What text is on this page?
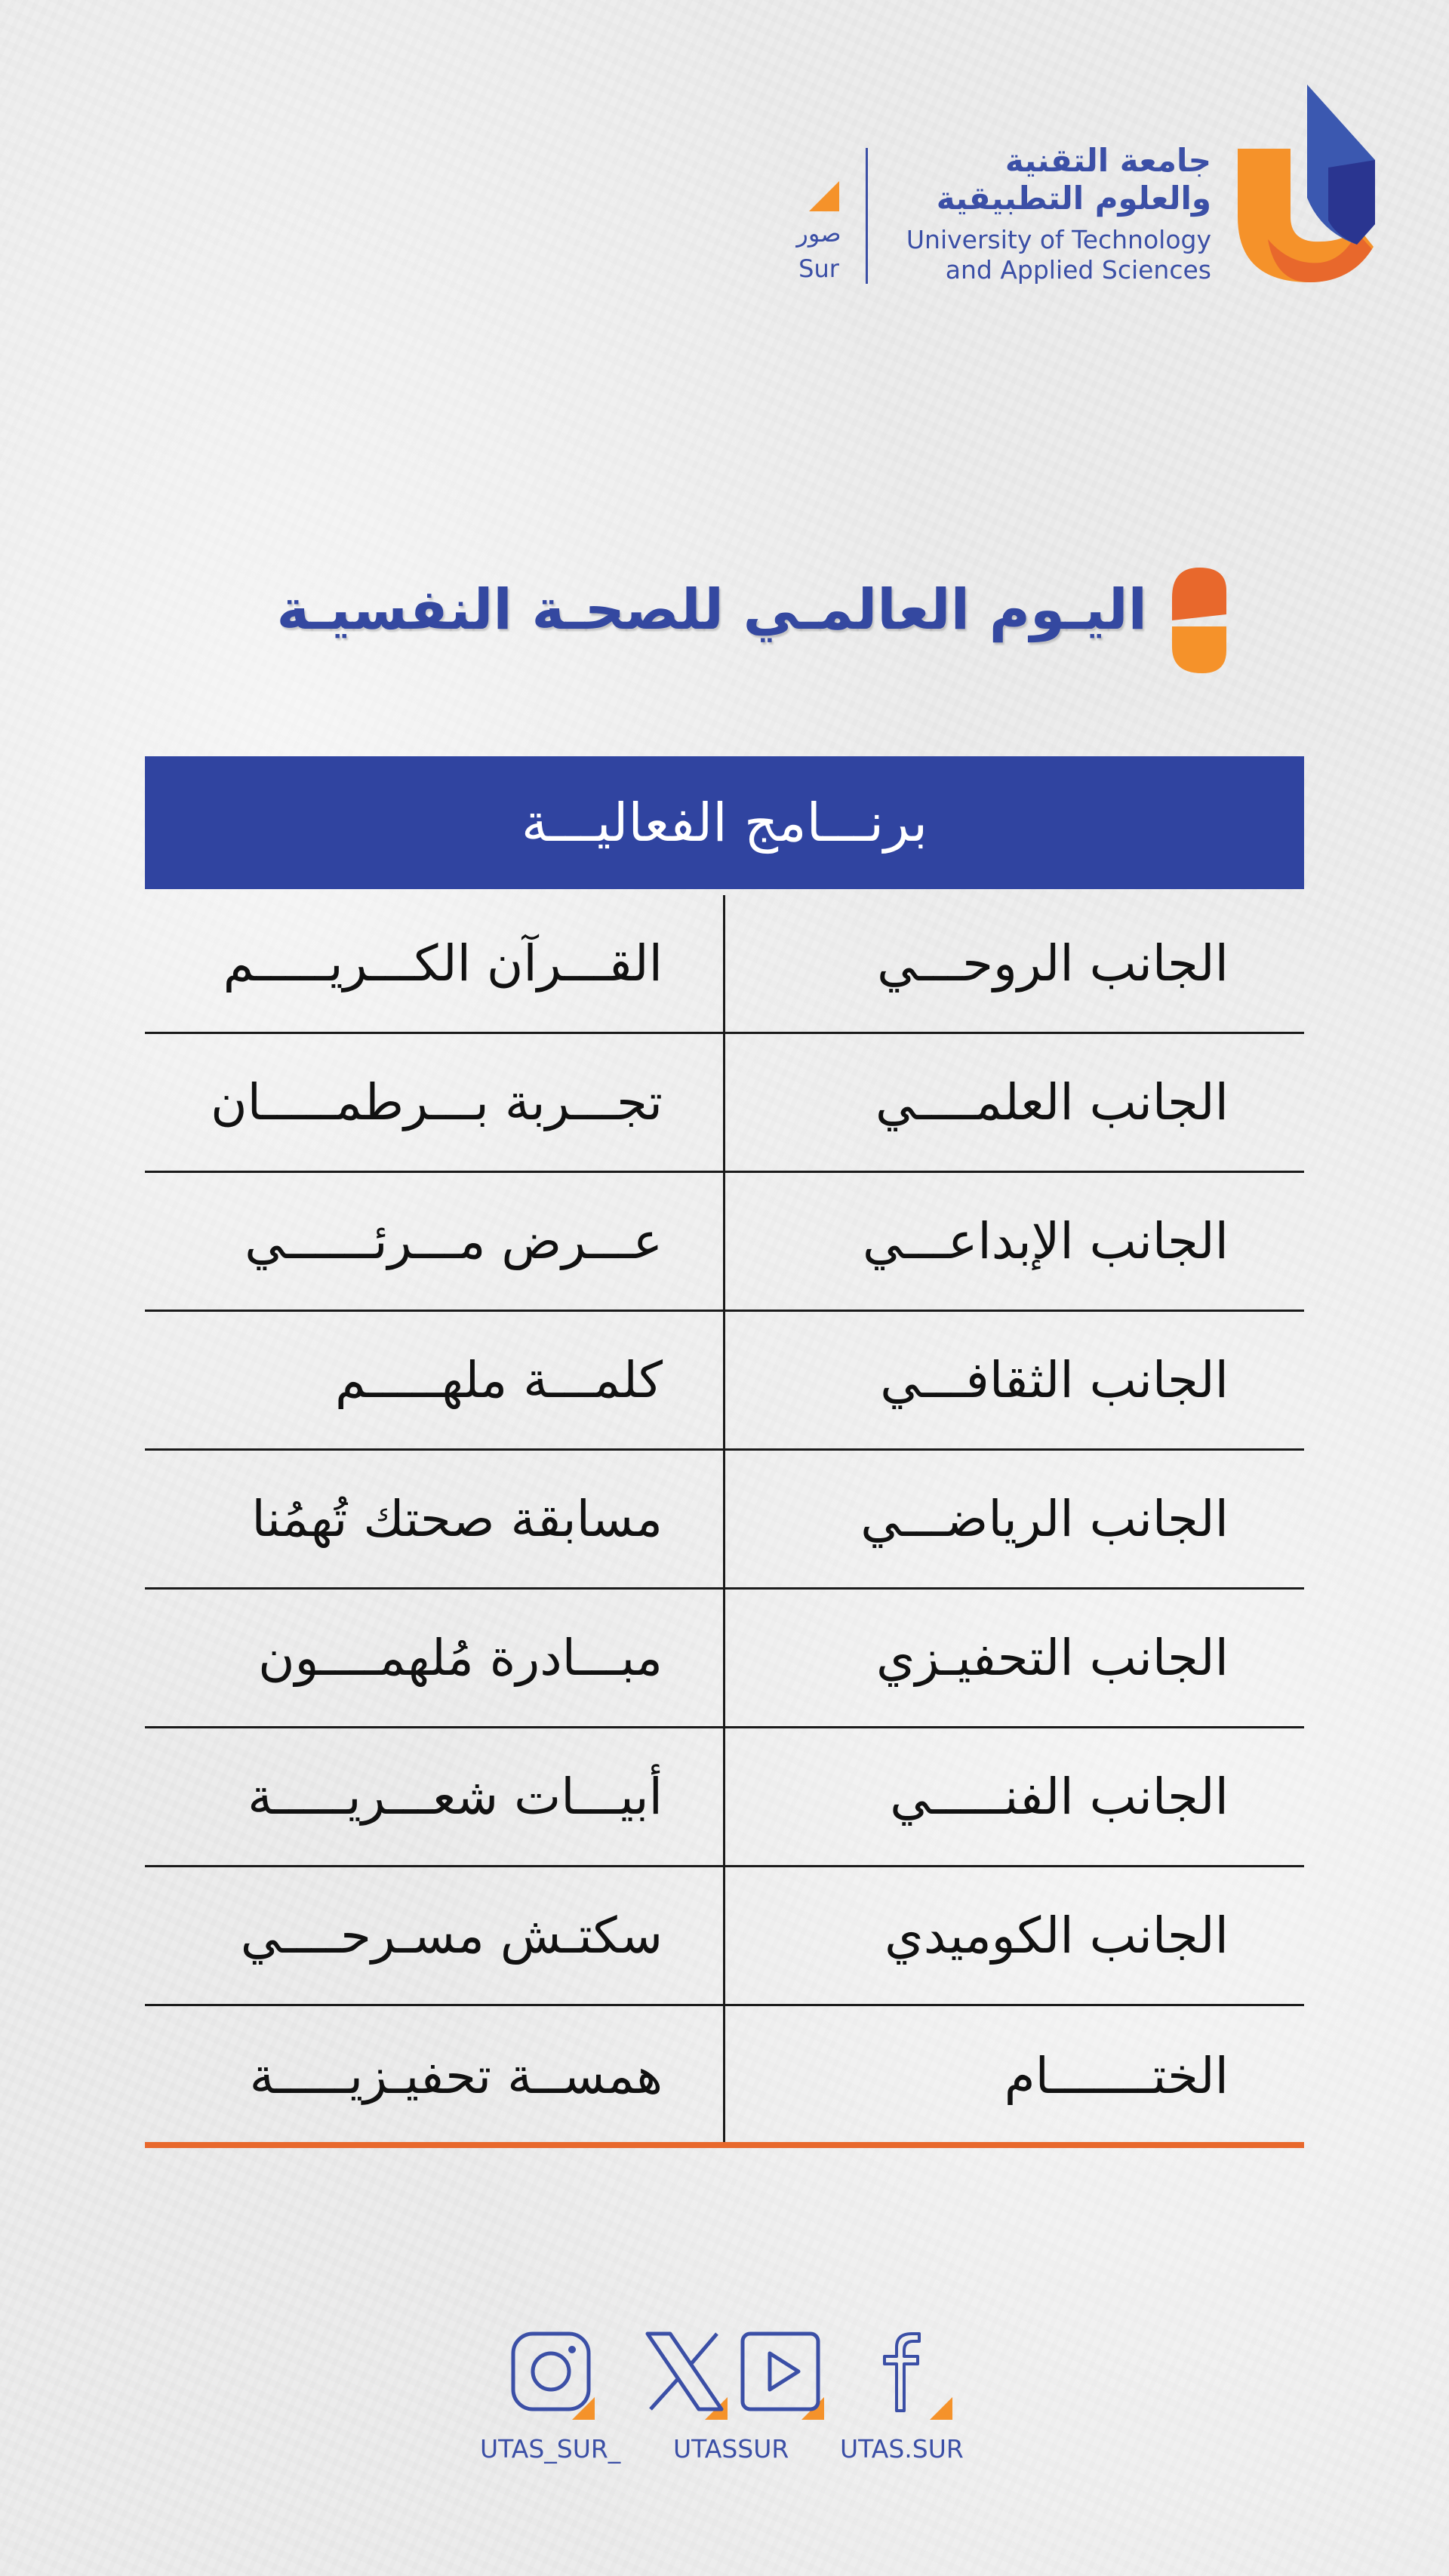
جامعة التقنية
والعلوم التطبيقية
University of Technology
and Applied Sciences
صور
Sur
اليـوم العالمـي للصحـة النفسيـة
برنـــامج الفعاليـــة
الجانب الروحـــي
القـــرآن الكـــريـــــم
الجانب العلمــــي
تجـــربة بـــرطمـــــان
الجانب الإبداعـــي
عـــرض مـــرئــــــي
الجانب الثقافـــي
كلمـــة ملهـــــم
الجانب الرياضـــي
مسابقة صحتك تُهمُنا
الجانب التحفيـزي
مبـــادرة مُلهمــــون
الجانب الفنـــــي
أبيـــات شعـــريـــــة
الجانب الكوميدي
سكتـش مسـرحــــي
الختـــــــام
همســة تحفيـزيـــــة
UTAS_SUR_ UTASSUR UTAS.SUR
